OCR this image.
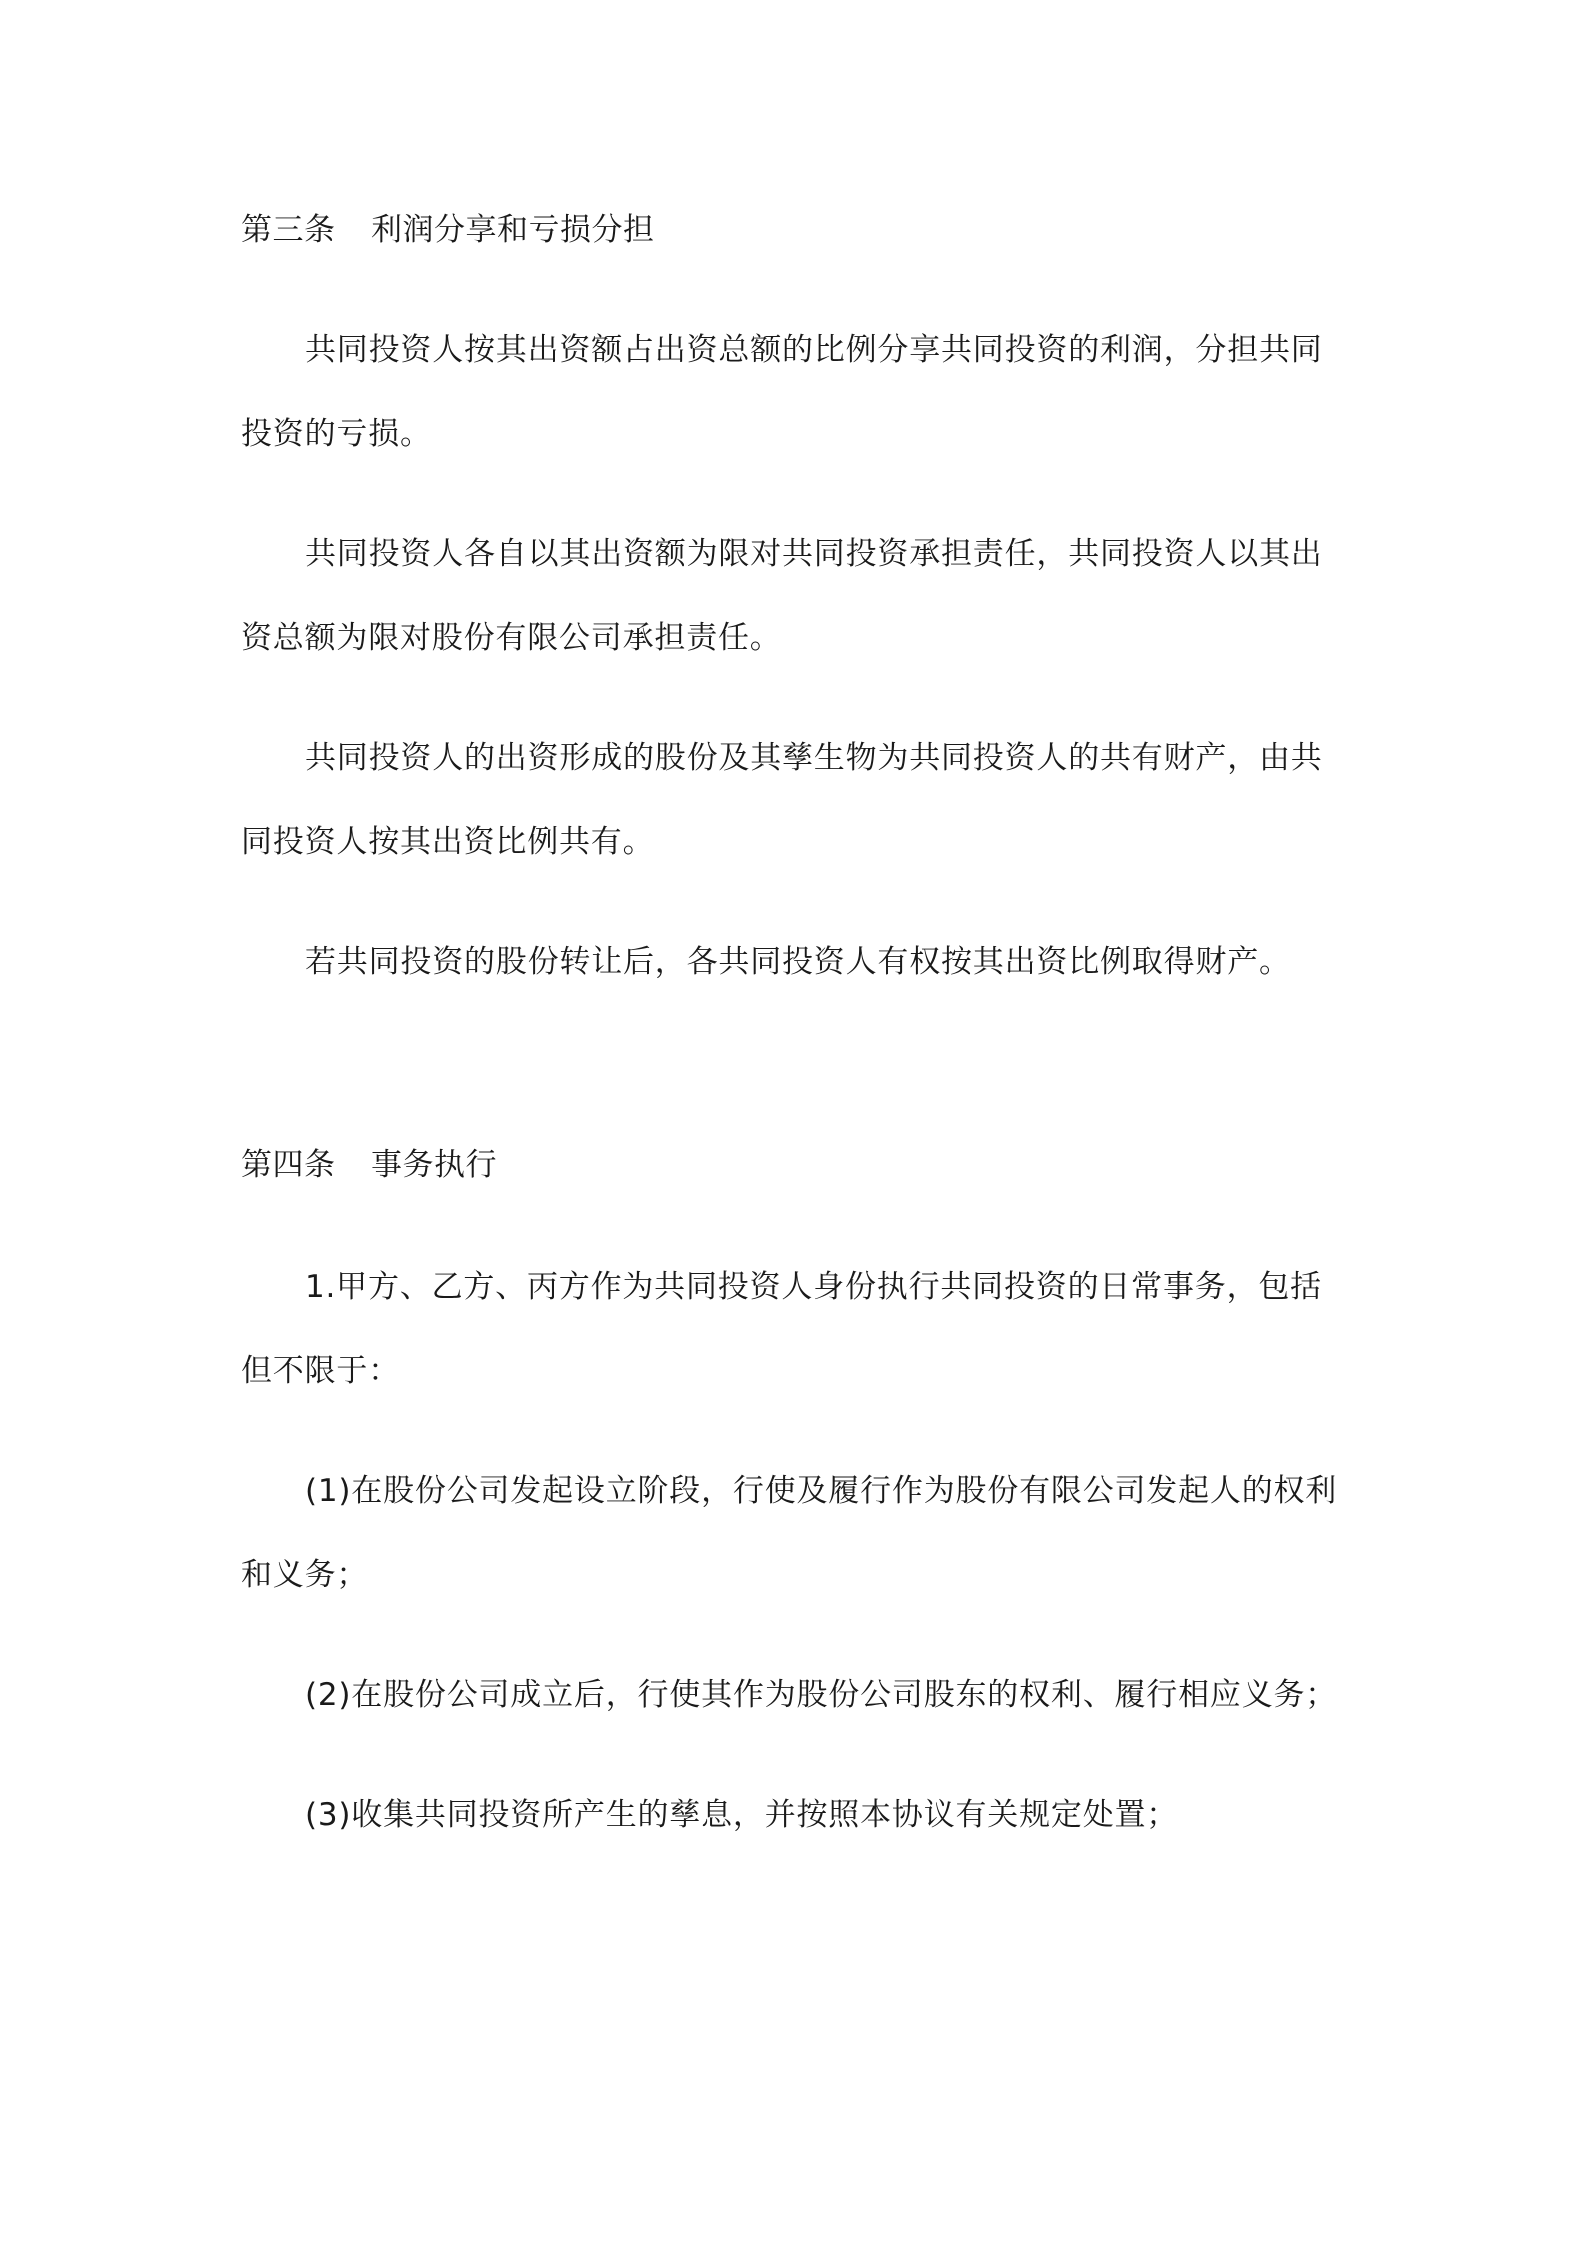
第三条 利润分享和亏损分担

共同投资人按其出资额占出资总额的比例分享共同投资的利润，分担共同投资的亏损。

共同投资人各自以其出资额为限对共同投资承担责任，共同投资人以其出资总额为限对股份有限公司承担责任。

共同投资人的出资形成的股份及其孳生物为共同投资人的共有财产，由共同投资人按其出资比例共有。

若共同投资的股份转让后，各共同投资人有权按其出资比例取得财产。

第四条 事务执行

1.甲方、乙方、丙方作为共同投资人身份执行共同投资的日常事务，包括但不限于：

(1)在股份公司发起设立阶段，行使及履行作为股份有限公司发起人的权利和义务；

(2)在股份公司成立后，行使其作为股份公司股东的权利、履行相应义务；

(3)收集共同投资所产生的孳息，并按照本协议有关规定处置；
